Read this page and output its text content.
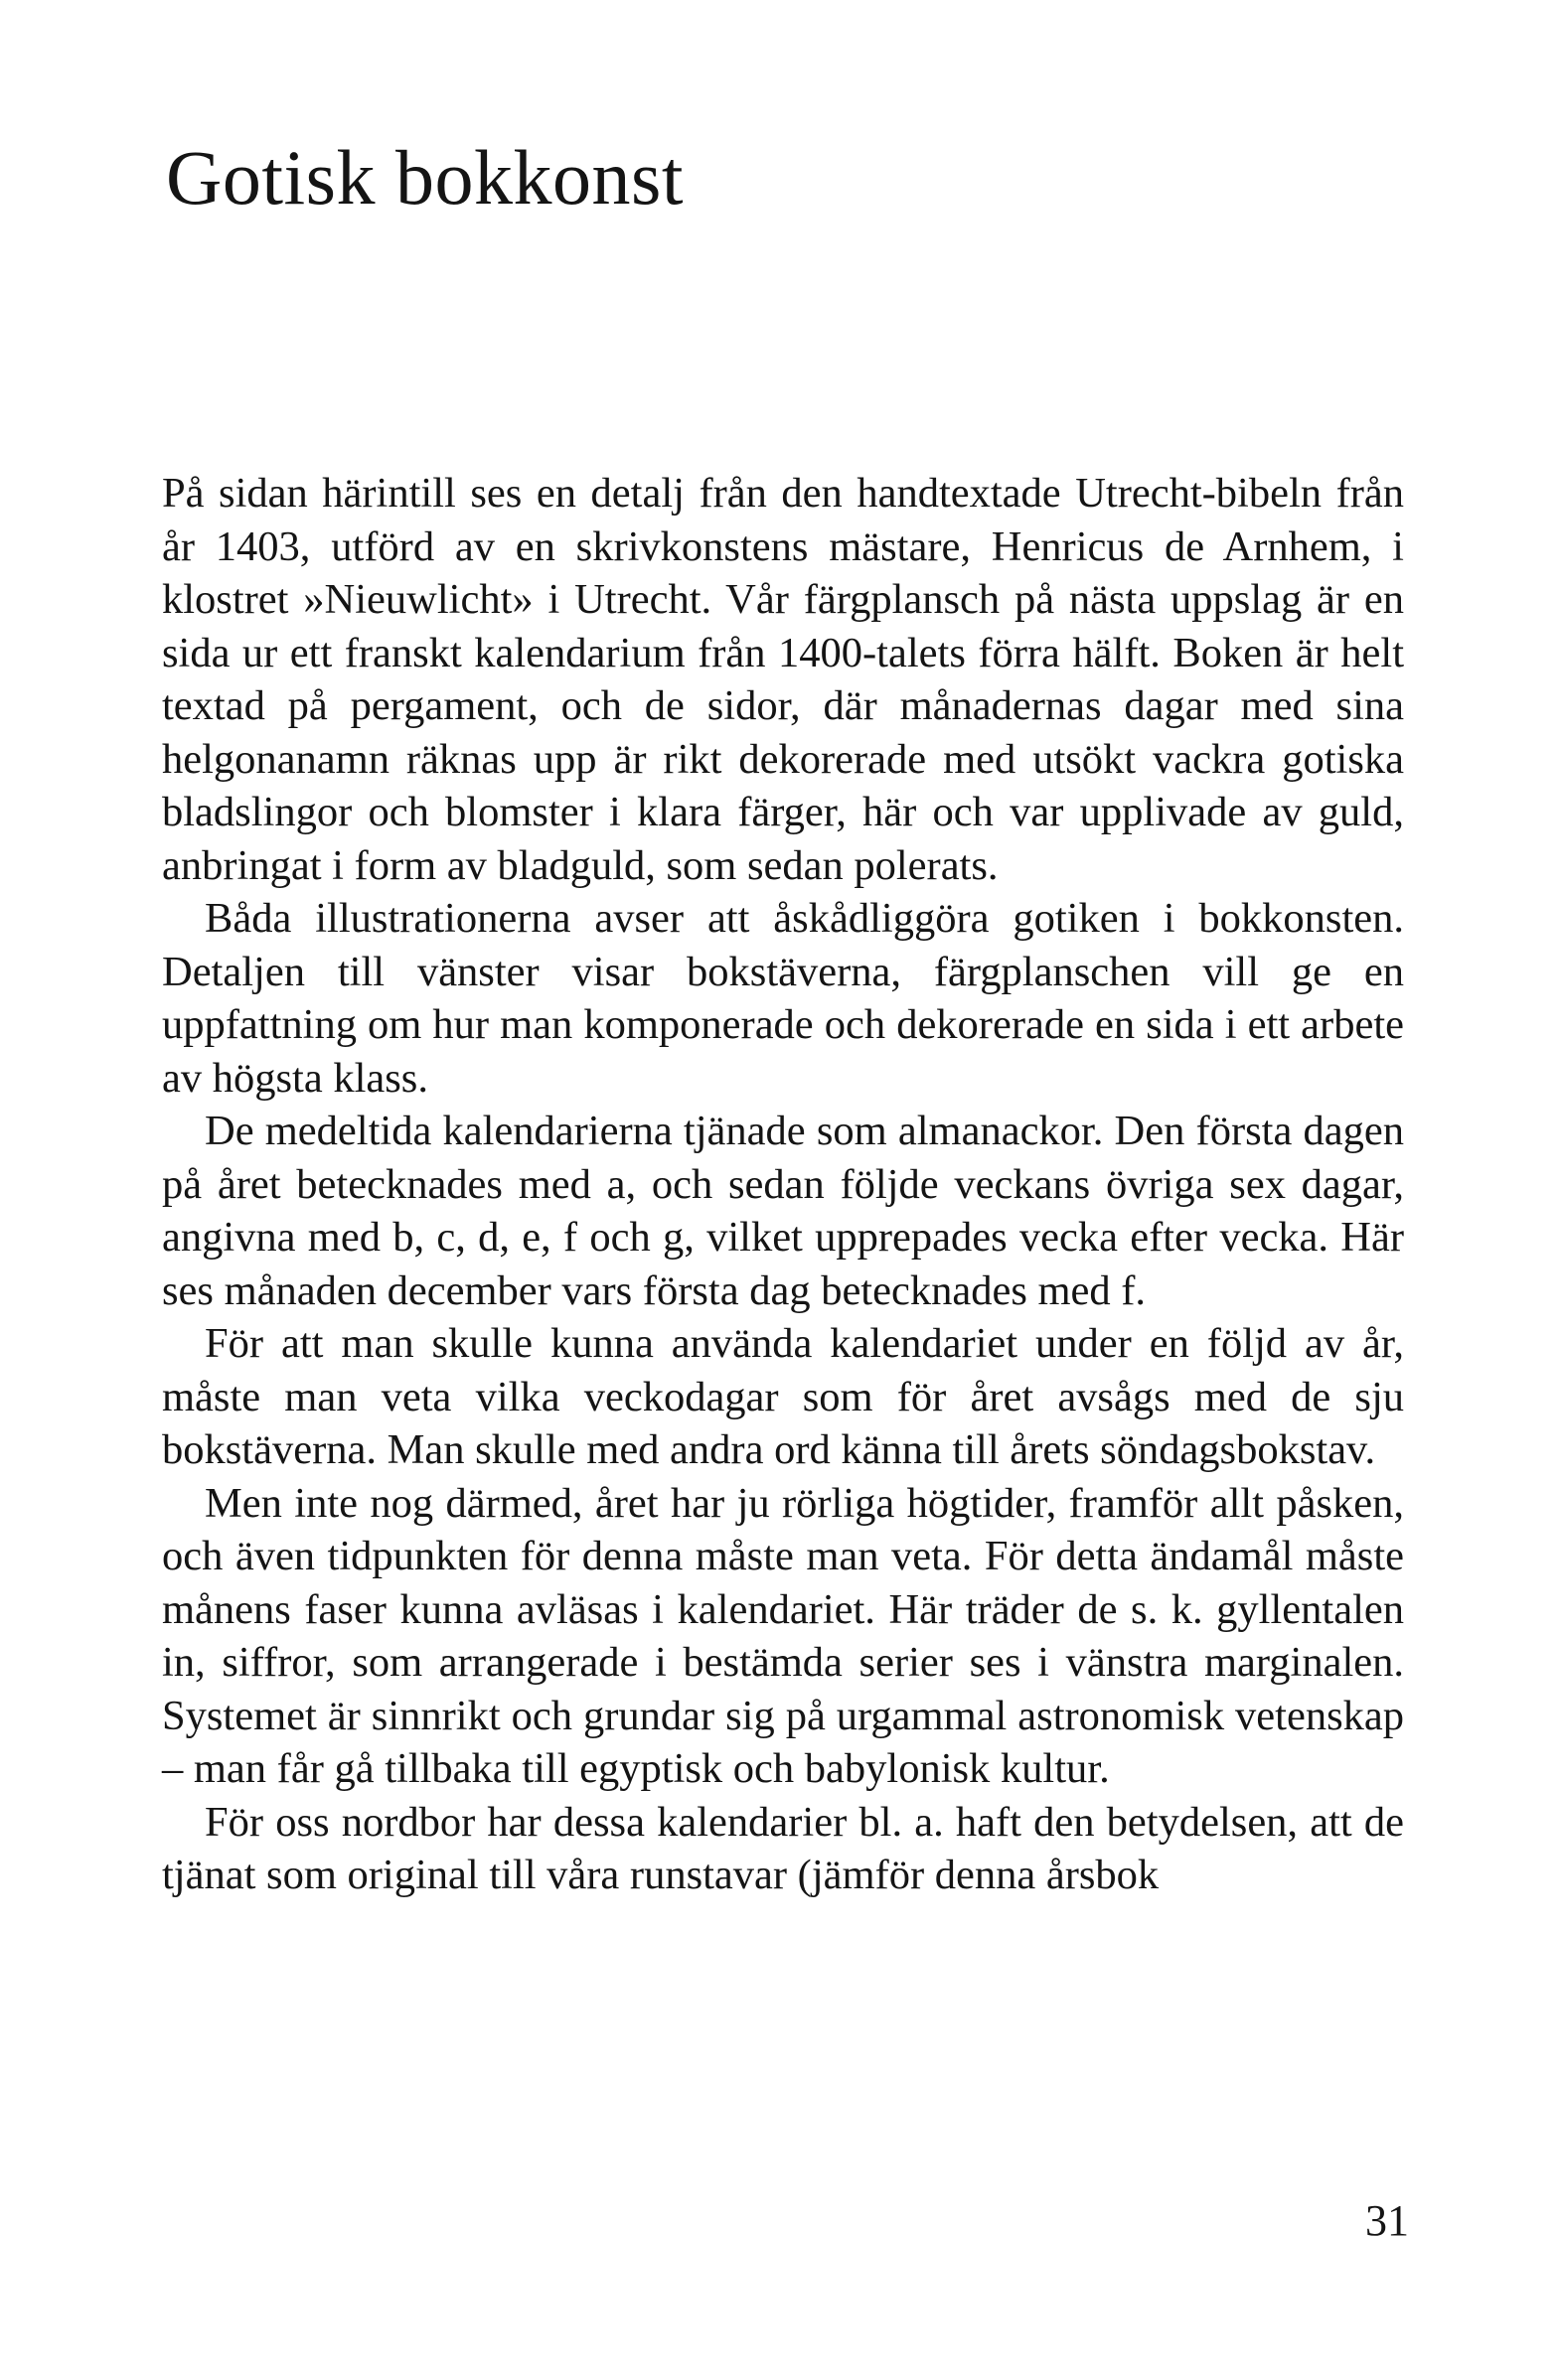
Gotisk bokkonst

På sidan härintill ses en detalj från den handtextade Utrecht-bibeln från år 1403, utförd av en skrivkonstens mästare, Henricus de Arnhem, i klostret »Nieuwlicht» i Utrecht. Vår färgplansch på nästa uppslag är en sida ur ett franskt kalendarium från 1400-talets förra hälft. Boken är helt textad på pergament, och de sidor, där månadernas dagar med sina helgonanamn räknas upp är rikt dekorerade med utsökt vackra gotiska bladslingor och blomster i klara färger, här och var upplivade av guld, anbringat i form av bladguld, som sedan polerats.

Båda illustrationerna avser att åskådliggöra gotiken i bokkonsten. Detaljen till vänster visar bokstäverna, färgplanschen vill ge en uppfattning om hur man komponerade och dekorerade en sida i ett arbete av högsta klass.

De medeltida kalendarierna tjänade som almanackor. Den första dagen på året betecknades med a, och sedan följde veckans övriga sex dagar, angivna med b, c, d, e, f och g, vilket upprepades vecka efter vecka. Här ses månaden december vars första dag betecknades med f.

För att man skulle kunna använda kalendariet under en följd av år, måste man veta vilka veckodagar som för året avsågs med de sju bokstäverna. Man skulle med andra ord känna till årets söndagsbokstav.

Men inte nog därmed, året har ju rörliga högtider, framför allt påsken, och även tidpunkten för denna måste man veta. För detta ändamål måste månens faser kunna avläsas i kalendariet. Här träder de s. k. gyllentalen in, siffror, som arrangerade i bestämda serier ses i vänstra marginalen. Systemet är sinnrikt och grundar sig på urgammal astronomisk vetenskap – man får gå tillbaka till egyptisk och babylonisk kultur.

För oss nordbor har dessa kalendarier bl. a. haft den betydelsen, att de tjänat som original till våra runstavar (jämför denna årsbok

31
